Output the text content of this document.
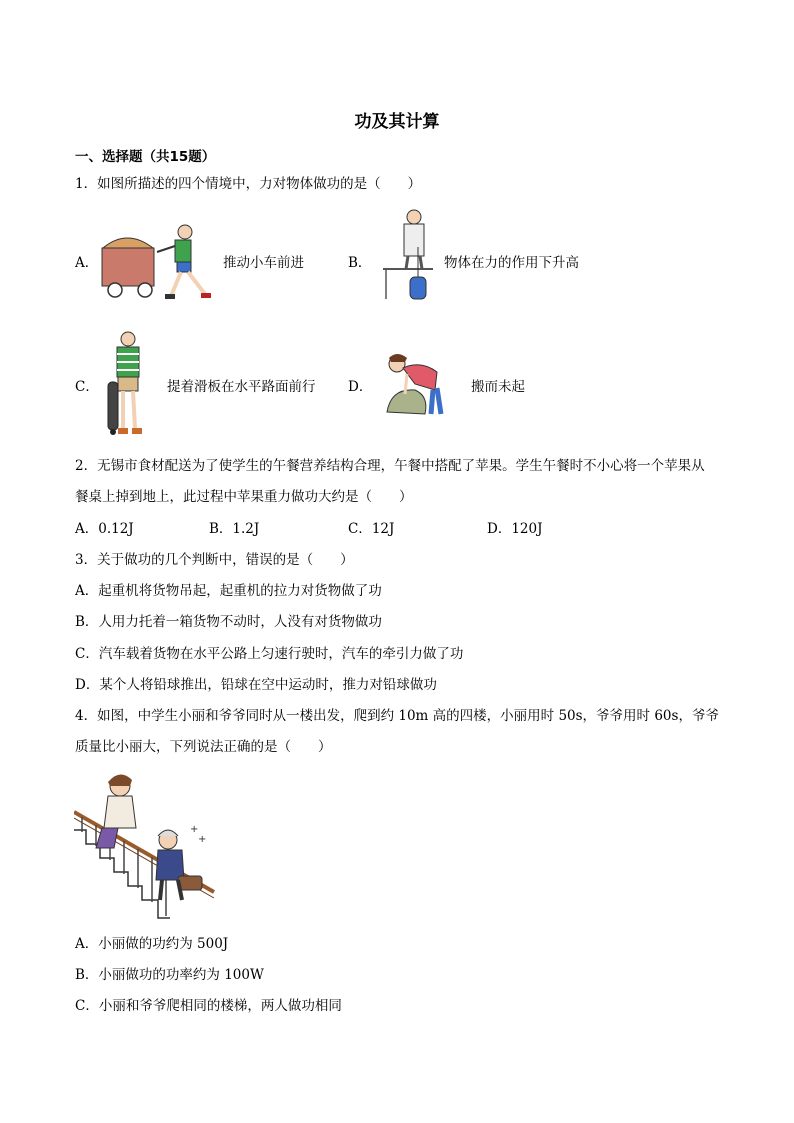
功及其计算
一、选择题（共15题）
1．如图所描述的四个情境中，力对物体做功的是（　　）
A．	推动小车前进	B．	物体在力的作用下升高
C．	提着滑板在水平路面前行 D．	搬而未起
2．无锡市食材配送为了使学生的午餐营养结构合理，午餐中搭配了苹果。学生午餐时不小心将一个苹果从
餐桌上掉到地上，此过程中苹果重力做功大约是（　　）
A．0.12J	B．1.2J	C．12J	D．120J
3．关于做功的几个判断中，错误的是（　　）
A．起重机将货物吊起，起重机的拉力对货物做了功
B．人用力托着一箱货物不动时，人没有对货物做功
C．汽车载着货物在水平公路上匀速行驶时，汽车的牵引力做了功
D．某个人将铅球推出，铅球在空中运动时，推力对铅球做功
4．如图，中学生小丽和爷爷同时从一楼出发，爬到约 10m 高的四楼，小丽用时 50s，爷爷用时 60s，爷爷
质量比小丽大，下列说法正确的是（　　）
+
+
A．小丽做的功约为 500J
B．小丽做功的功率约为 100W
C．小丽和爷爷爬相同的楼梯，两人做功相同
